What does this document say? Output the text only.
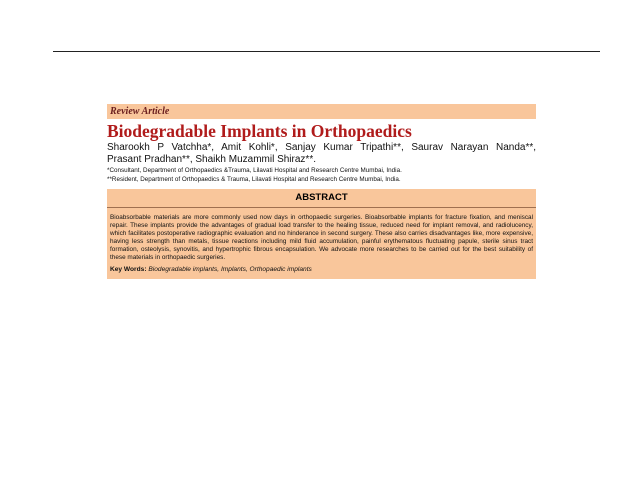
Review Article
Biodegradable Implants in Orthopaedics
Sharookh P Vatchha*, Amit Kohli*, Sanjay Kumar Tripathi**, Saurav Narayan Nanda**,
Prasant Pradhan**, Shaikh Muzammil Shiraz**.
*Consultant, Department of Orthopaedics &Trauma, Lilavati Hospital and Research Centre Mumbai, India.
**Resident, Department of Orthopaedics & Trauma, Lilavati Hospital and Research Centre Mumbai, India.
ABSTRACT
Bioabsorbable materials are more commonly used now days in orthopaedic surgeries. Bioabsorbable implants for fracture fixation, and meniscal repair. These implants provide the advantages of gradual load transfer to the healing tissue, reduced need for implant removal, and radiolucency, which facilitates postoperative radiographic evaluation and no hinderance in second surgery. These also carries disadvantages like, more expensive, having less strength than metals, tissue reactions including mild fluid accumulation, painful erythematous fluctuating papule, sterile sinus tract formation, osteolysis, synovitis, and hypertrophic fibrous encapsulation. We advocate more researches to be carried out for the best suitability of these materials in orthopaedic surgeries.
Key Words: Biodegradable implants, Implants, Orthopaedic implants
